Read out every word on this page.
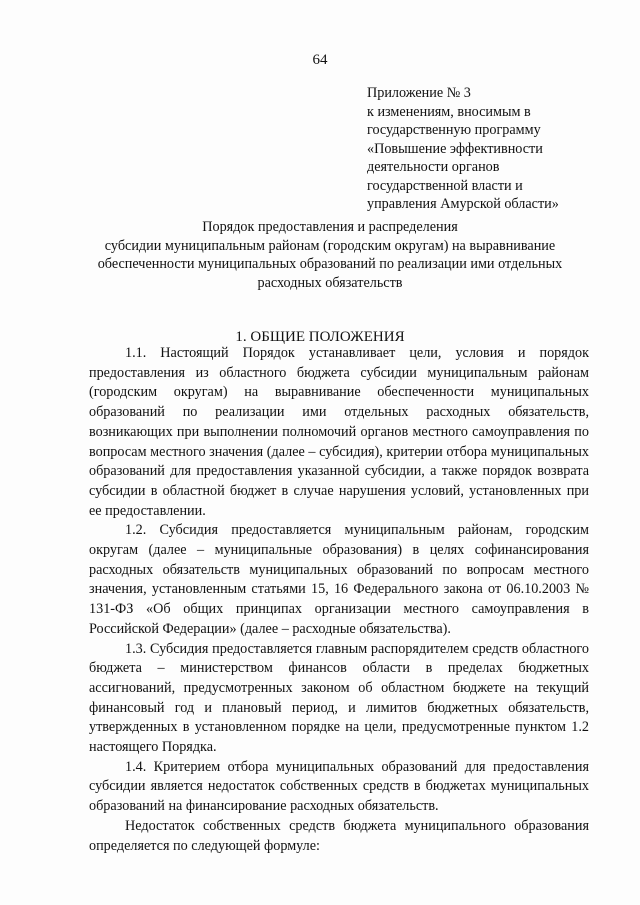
64
Приложение № 3
к изменениям, вносимым в
государственную программу
«Повышение эффективности
деятельности органов
государственной власти и
управления Амурской области»
Порядок предоставления и распределения
субсидии муниципальным районам (городским округам) на выравнивание
обеспеченности муниципальных образований по реализации ими отдельных
расходных обязательств
1. ОБЩИЕ ПОЛОЖЕНИЯ

1.1. Настоящий Порядок устанавливает цели, условия и порядок предоставления из областного бюджета субсидии муниципальным районам (городским округам) на выравнивание обеспеченности муниципальных образований по реализации ими отдельных расходных обязательств, возникающих при выполнении полномочий органов местного самоуправления по вопросам местного значения (далее – субсидия), критерии отбора муниципальных образований для предоставления указанной субсидии, а также порядок возврата субсидии в областной бюджет в случае нарушения условий, установленных при ее предоставлении.

1.2. Субсидия предоставляется муниципальным районам, городским округам (далее – муниципальные образования) в целях софинансирования расходных обязательств муниципальных образований по вопросам местного значения, установленным статьями 15, 16 Федерального закона от 06.10.2003 № 131-ФЗ «Об общих принципах организации местного самоуправления в Российской Федерации» (далее – расходные обязательства).

1.3. Субсидия предоставляется главным распорядителем средств областного бюджета – министерством финансов области в пределах бюджетных ассигнований, предусмотренных законом об областном бюджете на текущий финансовый год и плановый период, и лимитов бюджетных обязательств, утвержденных в установленном порядке на цели, предусмотренные пунктом 1.2 настоящего Порядка.

1.4. Критерием отбора муниципальных образований для предоставления субсидии является недостаток собственных средств в бюджетах муниципальных образований на финансирование расходных обязательств.

Недостаток собственных средств бюджета муниципального образования определяется по следующей формуле:
